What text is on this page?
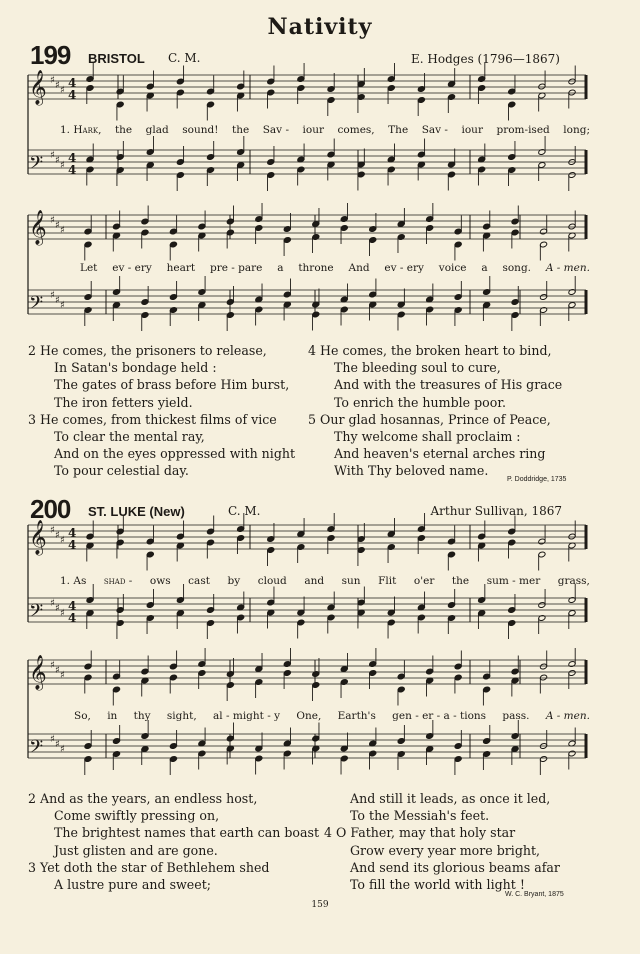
Nativity
199 BRISTOL C. M.	E. Hodges (1796—1867)
𝄞 ♯ ♯ ♯
4
4
𝄢 ♯ ♯ ♯
4
4
𝄞 ♯ ♯ ♯
𝄢 ♯ ♯ ♯
𝄞 ♯ ♯ ♯
4
4
𝄢 ♯ ♯ ♯
4
4
𝄞 ♯ ♯ ♯
𝄢 ♯ ♯ ♯
1. Hark, the glad sound! the Sav - iour comes, The Sav - iour prom-ised long;
Let ev - ery heart pre - pare a throne And ev - ery voice a song. A - men.
2 He comes, the prisoners to release,
In Satan's bondage held :
The gates of brass before Him burst,
The iron fetters yield.
3 He comes, from thickest films of vice
To clear the mental ray,
And on the eyes oppressed with night
To pour celestial day.
4 He comes, the broken heart to bind,
The bleeding soul to cure,
And with the treasures of His grace
To enrich the humble poor.
5 Our glad hosannas, Prince of Peace,
Thy welcome shall proclaim :
And heaven's eternal arches ring
With Thy beloved name.
P. Doddridge, 1735
200 ST. LUKE (New)	C. M.	Arthur Sullivan, 1867
1. As shad - ows cast by cloud and sun Flit o'er the sum - mer grass,
So, in thy sight, al - might - y One, Earth's gen - er - a - tions pass. A - men.
2 And as the years, an endless host,
Come swiftly pressing on,
The brightest names that earth can boast
Just glisten and are gone.
3 Yet doth the star of Bethlehem shed
A lustre pure and sweet;
And still it leads, as once it led,
To the Messiah's feet.
4 O Father, may that holy star
Grow every year more bright,
And send its glorious beams afar
To fill the world with light !
W. C. Bryant, 1875
159
